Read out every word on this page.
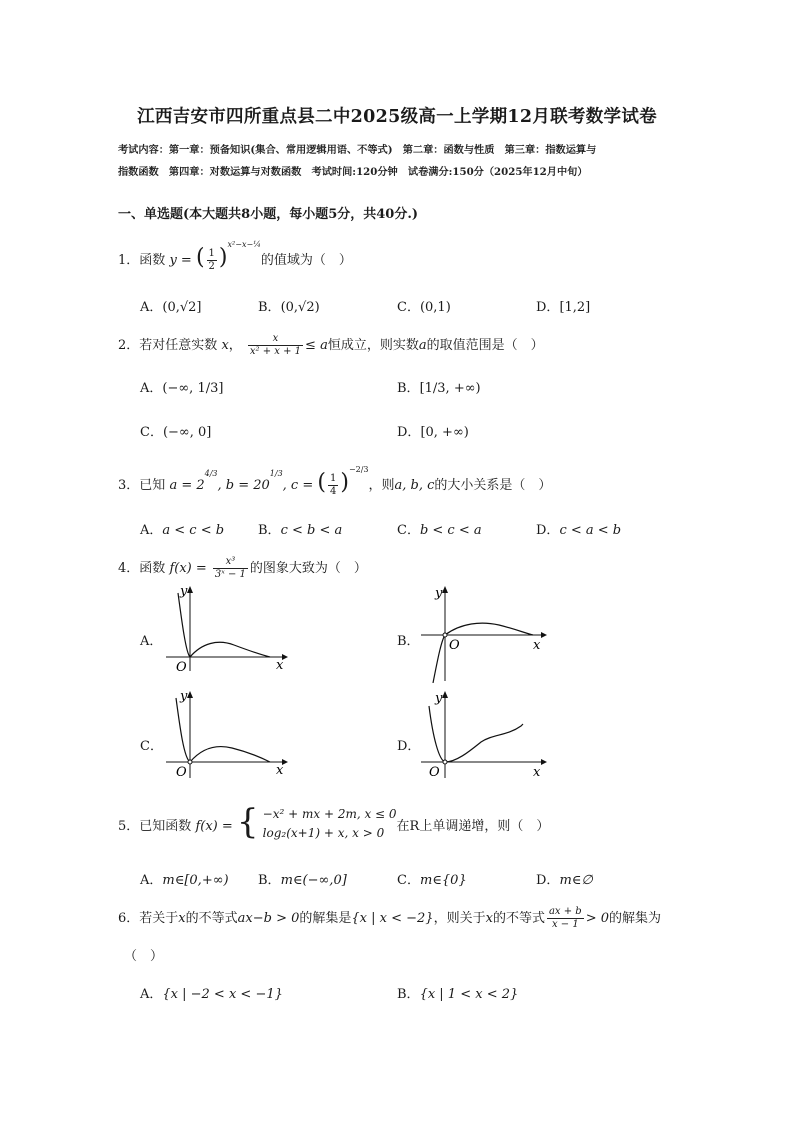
江西吉安市四所重点县二中2025级高一上学期12月联考数学试卷
考试内容：第一章：预备知识(集合、常用逻辑用语、不等式)　第二章：函数与性质　第三章：指数运算与
指数函数　第四章：对数运算与对数函数　考试时间:120分钟　试卷满分:150分（2025年12月中旬）
一、单选题(本大题共8小题，每小题5分，共40分.)
1．函数 y = ( $\frac{1}{2} )^{x^2-x-\frac{1}{4}}$的值域为（　）
A．(0,√2]	B．(0,√2)	C．(0,1)	D．[1,2]
2．若对任意实数 x， $\frac{x}{\text{x² + x + 1}} \le a$恒成立，则实数a的取值范围是（　）
A．(−∞, 1/3]	B．[1/3, +∞)
C．(−∞, 0]	D．[0, +∞)
3．已知 $a = 2^{4/3}$, $b = 20^{1/3}$, c = ( $\frac{1}{4} )^{-2/3}$，则a, b, c的大小关系是（　）
A．a < c < b	B．c < b < a	C．b < c < a	D．c < a < b
4．函数 $f(x) = \frac{\text{x³}}{\text{3ˣ − 1}}$ 的图象大致为（　）
A．	B．
C．	D．
y
x
O
y
x
O
y
x
O
y
x
O
5．已知函数 f(x) = { −x² + mx + 2m, x ≤ 0
log₂(x+1) + x, x > 0 在R上单调递增，则（　）
A．m∈[0,+∞) B．m∈(−∞,0]	C．m∈{0}	D．m∈∅
6．若关于x的不等式ax−b > 0的解集是{x | x < −2}，则关于x的不等式 $\frac{ax + b}{x - 1} > 0$的解集为
（　）
A．{x | −2 < x < −1}	B．{x | 1 < x < 2}
